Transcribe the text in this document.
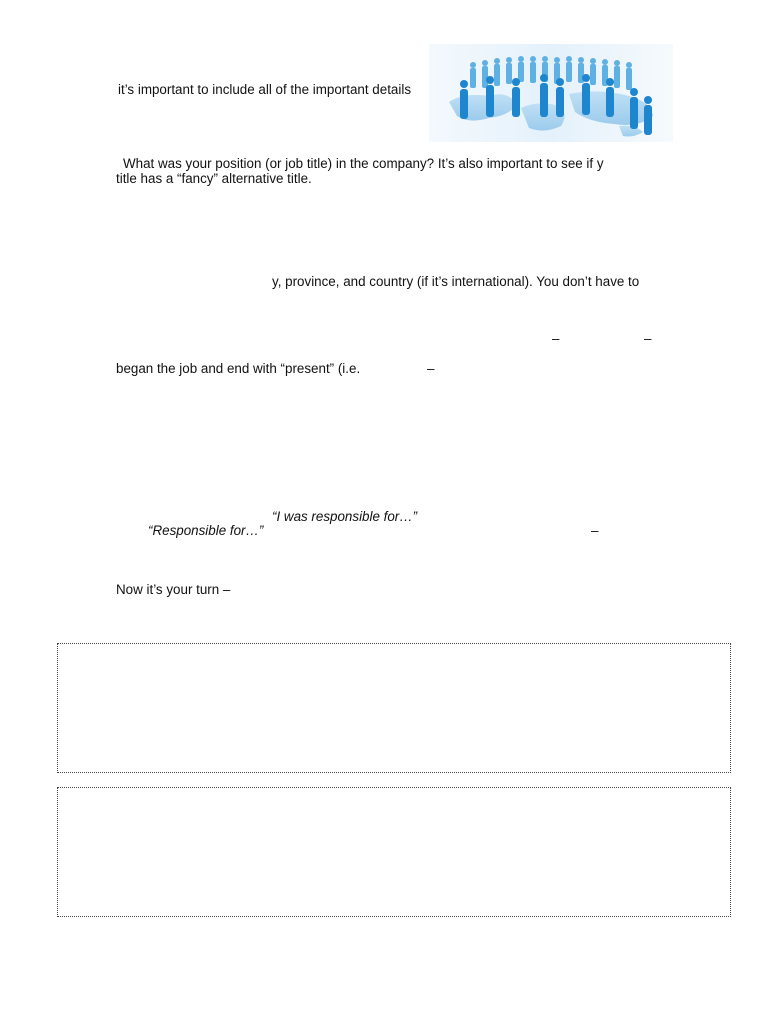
it’s important to include all of the important details
What was your position (or job title) in the company? It’s also important to see if y
title has a “fancy” alternative title.
y, province, and country (if it’s international). You don’t have to
–	–
began the job and end with “present” (i.e.	–
“I was responsible for…”
“Responsible for…”	–
Now it’s your turn –
